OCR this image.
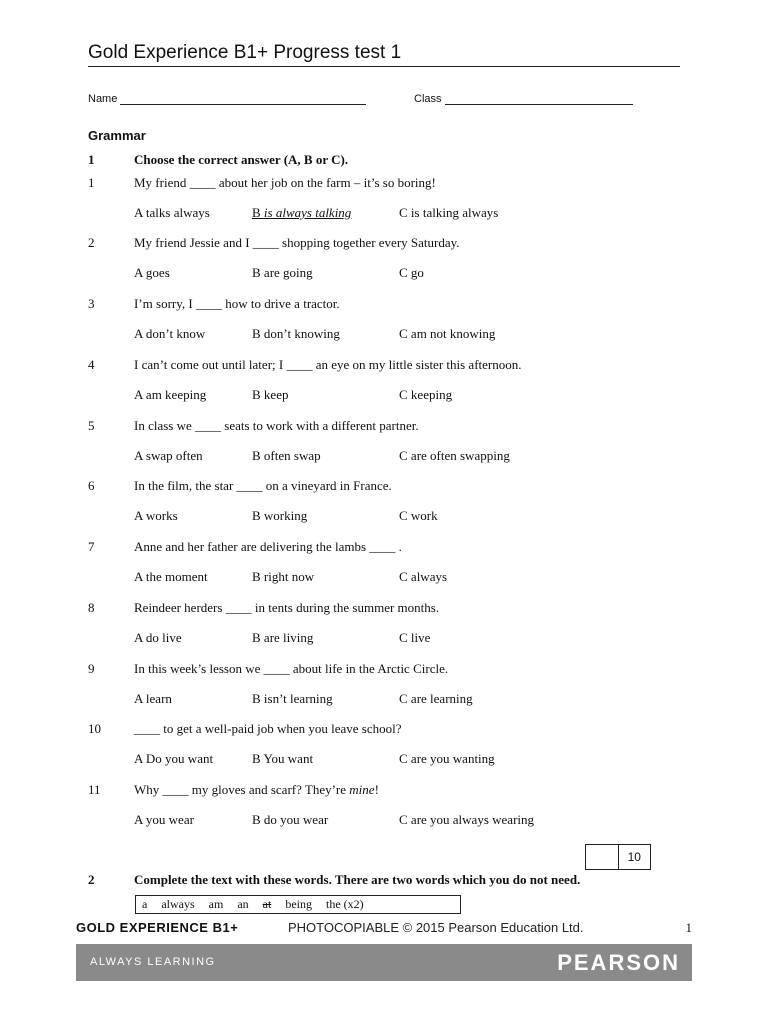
Gold Experience B1+ Progress test 1
Name	Class
Grammar
1	Choose the correct answer (A, B or C).
1	My friend ____ about her job on the farm – it’s so boring!
A talks always	B is always talking	C is talking always
2	My friend Jessie and I ____ shopping together every Saturday.
A goes	B are going	C go
3	I’m sorry, I ____ how to drive a tractor.
A don’t know	B don’t knowing	C am not knowing
4	I can’t come out until later; I ____ an eye on my little sister this afternoon.
A am keeping	B keep	C keeping
5	In class we ____ seats to work with a different partner.
A swap often	B often swap	C are often swapping
6	In the film, the star ____ on a vineyard in France.
A works	B working	C work
7	Anne and her father are delivering the lambs ____ .
A the moment	B right now	C always
8	Reindeer herders ____ in tents during the summer months.
A do live	B are living	C live
9	In this week’s lesson we ____ about life in the Arctic Circle.
A learn	B isn’t learning	C are learning
10	____ to get a well-paid job when you leave school?
A Do you want	B You want	C are you wanting
11	Why ____ my gloves and scarf? They’re mine!
A you wear	B do you wear	C are you always wearing
10
2	Complete the text with these words. There are two words which you do not need.
a always am an at being the (x2)
GOLD EXPERIENCE B1+	PHOTOCOPIABLE © 2015 Pearson Education Ltd.	1
ALWAYS LEARNING	PEARSON
